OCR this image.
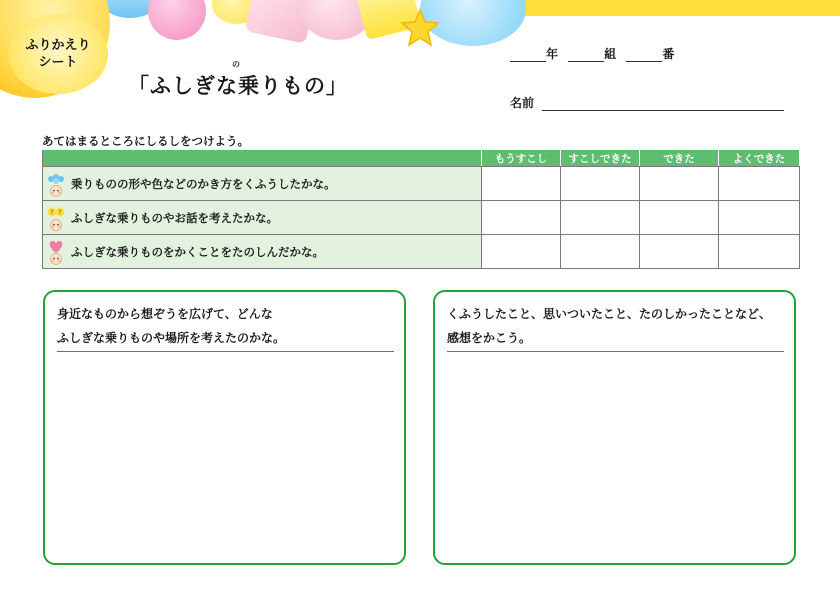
ふりかえり
シート	の
「ふしぎな乗りもの」
年	組	番
名前
あてはまるところにしるしをつけよう。
	もうすこし	すこしできた	できた	よくできた

乗りものの形や色などのかき方をくふうしたかな。				

? ? ふしぎな乗りものやお話を考えたかな。				

ふしぎな乗りものをかくことをたのしんだかな。				

身近なものから想ぞうを広げて、どんな
ふしぎな乗りものや場所を考えたのかな。
くふうしたこと、思いついたこと、たのしかったことなど、
感想をかこう。
